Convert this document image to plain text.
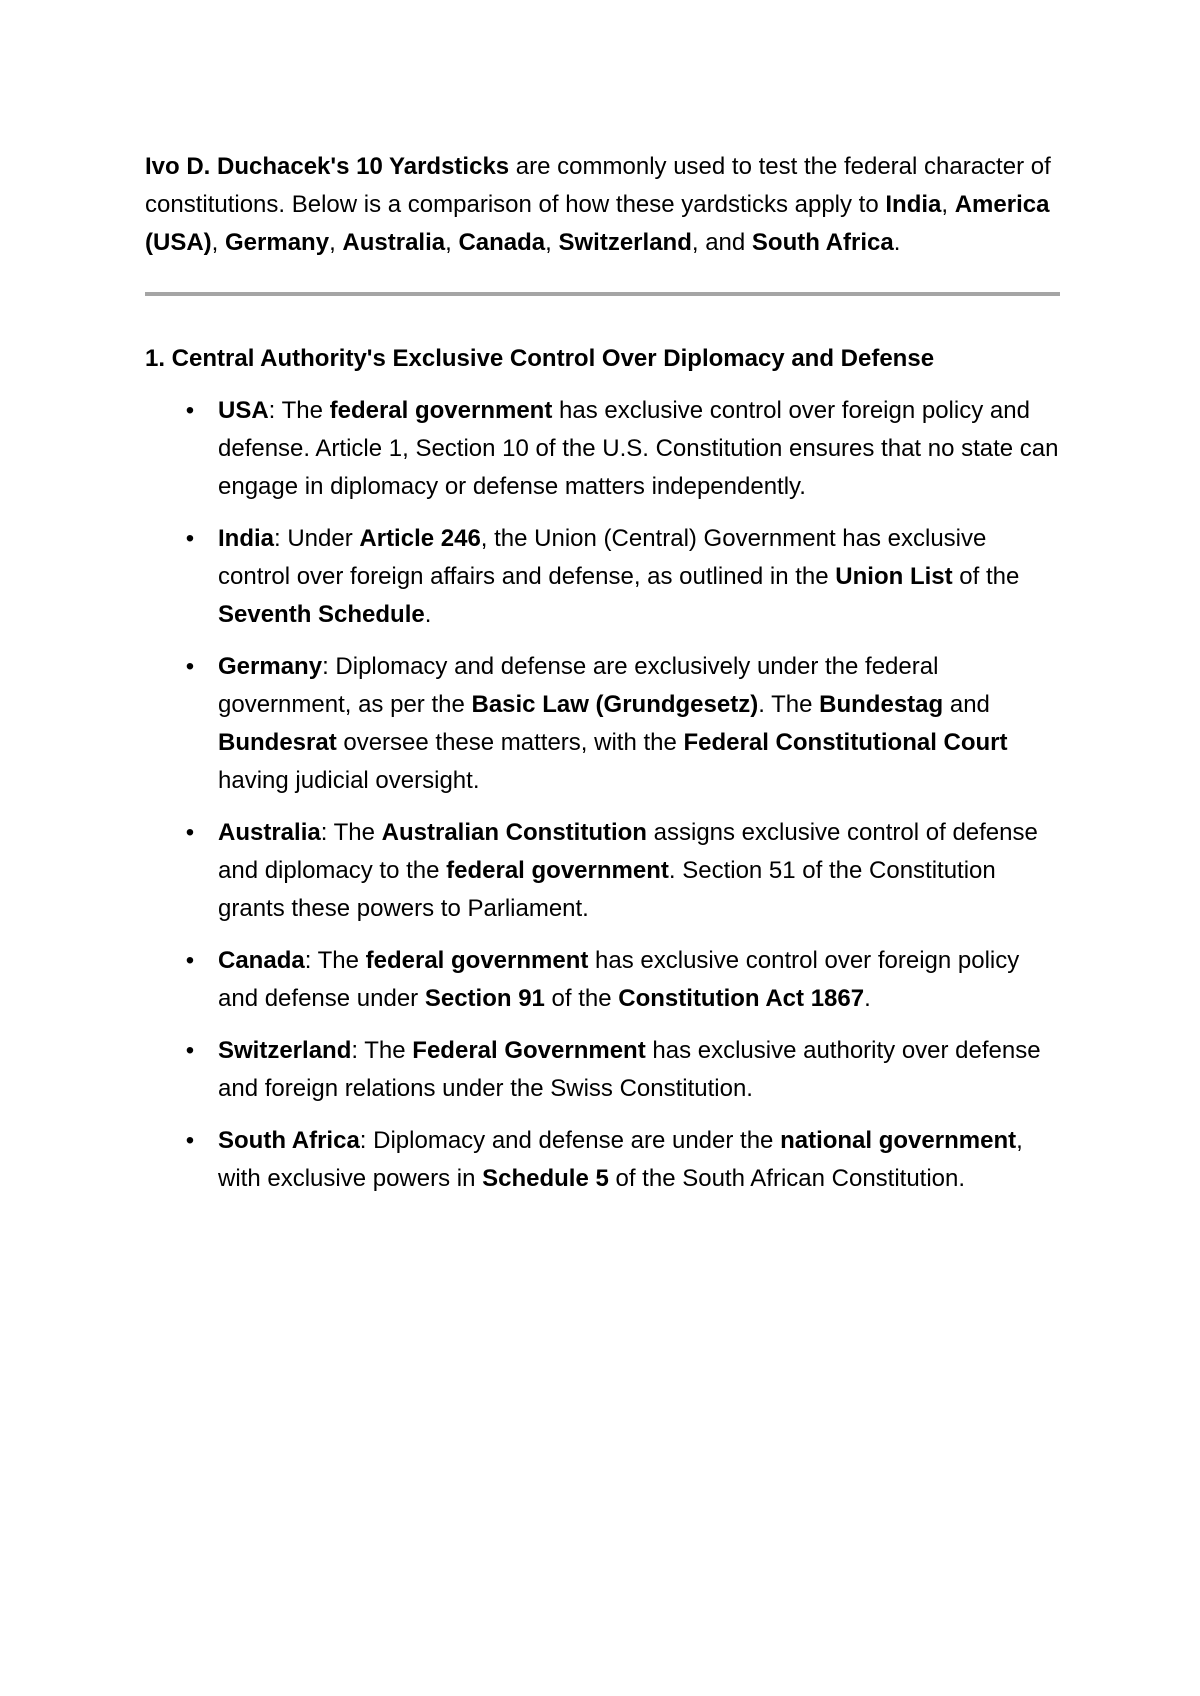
Ivo D. Duchacek's 10 Yardsticks are commonly used to test the federal character of constitutions. Below is a comparison of how these yardsticks apply to India, America (USA), Germany, Australia, Canada, Switzerland, and South Africa.

1. Central Authority's Exclusive Control Over Diplomacy and Defense

• USA: The federal government has exclusive control over foreign policy and defense. Article 1, Section 10 of the U.S. Constitution ensures that no state can engage in diplomacy or defense matters independently.
• India: Under Article 246, the Union (Central) Government has exclusive control over foreign affairs and defense, as outlined in the Union List of the Seventh Schedule.
• Germany: Diplomacy and defense are exclusively under the federal government, as per the Basic Law (Grundgesetz). The Bundestag and Bundesrat oversee these matters, with the Federal Constitutional Court having judicial oversight.
• Australia: The Australian Constitution assigns exclusive control of defense and diplomacy to the federal government. Section 51 of the Constitution grants these powers to Parliament.
• Canada: The federal government has exclusive control over foreign policy and defense under Section 91 of the Constitution Act 1867.
• Switzerland: The Federal Government has exclusive authority over defense and foreign relations under the Swiss Constitution.
• South Africa: Diplomacy and defense are under the national government, with exclusive powers in Schedule 5 of the South African Constitution.
